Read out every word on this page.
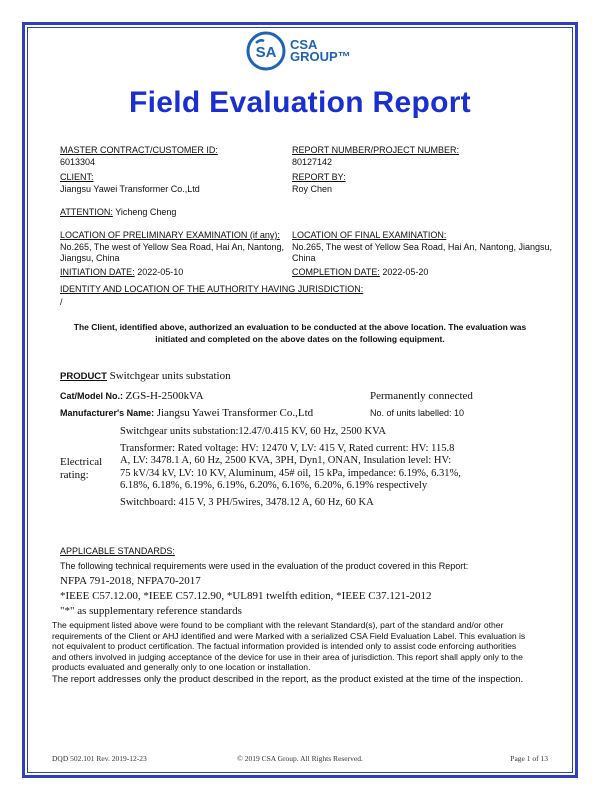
SA CSA
GROUP™
Field Evaluation Report
MASTER CONTRACT/CUSTOMER ID:
6013304
REPORT NUMBER/PROJECT NUMBER:
80127142
CLIENT:
Jiangsu Yawei Transformer Co.,Ltd
REPORT BY:
Roy Chen
ATTENTION: Yicheng Cheng
LOCATION OF PRELIMINARY EXAMINATION (if any):
No.265, The west of Yellow Sea Road, Hai An, Nantong,
Jiangsu, China
LOCATION OF FINAL EXAMINATION:
No.265, The west of Yellow Sea Road, Hai An, Nantong, Jiangsu,
China
INITIATION DATE: 2022-05-10	COMPLETION DATE: 2022-05-20
IDENTITY AND LOCATION OF THE AUTHORITY HAVING JURISDICTION:
/
The Client, identified above, authorized an evaluation to be conducted at the above location. The evaluation was
initiated and completed on the above dates on the following equipment.
PRODUCT Switchgear units substation
Cat/Model No.: ZGS-H-2500kVA	Permanently connected
Manufacturer's Name: Jiangsu Yawei Transformer Co.,Ltd	No. of units labelled: 10
Electrical
rating:
Switchgear units substation:12.47/0.415 KV, 60 Hz, 2500 KVA
Transformer: Rated voltage: HV: 12470 V, LV: 415 V, Rated current: HV: 115.8
A, LV: 3478.1 A, 60 Hz, 2500 KVA, 3PH, Dyn1, ONAN, Insulation level: HV:
75 kV/34 kV, LV: 10 KV, Aluminum, 45# oil, 15 kPa, impedance: 6.19%, 6.31%,
6.18%, 6.18%, 6.19%, 6.19%, 6.20%, 6.16%, 6.20%, 6.19% respectively
Switchboard: 415 V, 3 PH/5wires, 3478.12 A, 60 Hz, 60 KA
APPLICABLE STANDARDS:
The following technical requirements were used in the evaluation of the product covered in this Report:
NFPA 791-2018, NFPA70-2017
*IEEE C57.12.00, *IEEE C57.12.90, *UL891 twelfth edition, *IEEE C37.121-2012
"*" as supplementary reference standards
The equipment listed above were found to be compliant with the relevant Standard(s), part of the standard and/or other
requirements of the Client or AHJ identified and were Marked with a serialized CSA Field Evaluation Label. This evaluation is
not equivalent to product certification. The factual information provided is intended only to assist code enforcing authorities
and others involved in judging acceptance of the device for use in their area of jurisdiction. This report shall apply only to the
products evaluated and generally only to one location or installation.
The report addresses only the product described in the report, as the product existed at the time of the inspection.
DQD 502.101 Rev. 2019-12-23	© 2019 CSA Group. All Rights Reserved.	Page 1 of 13
